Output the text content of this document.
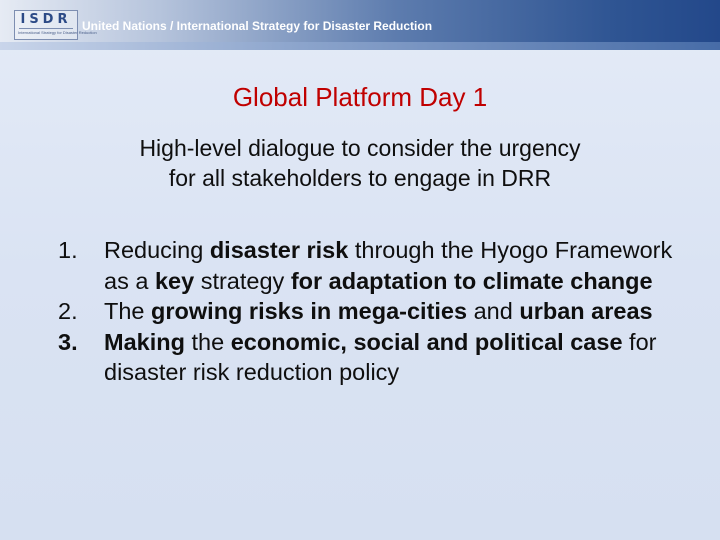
ISDR
International Strategy for Disaster Reduction
United Nations / International Strategy for Disaster Reduction
Global Platform Day 1
High-level dialogue to consider the urgency
for all stakeholders to engage in DRR
1.	Reducing disaster risk through the Hyogo Framework as a key strategy for adaptation to climate change
2.	The growing risks in mega-cities and urban areas
3.	Making the economic, social and political case for disaster risk reduction policy
